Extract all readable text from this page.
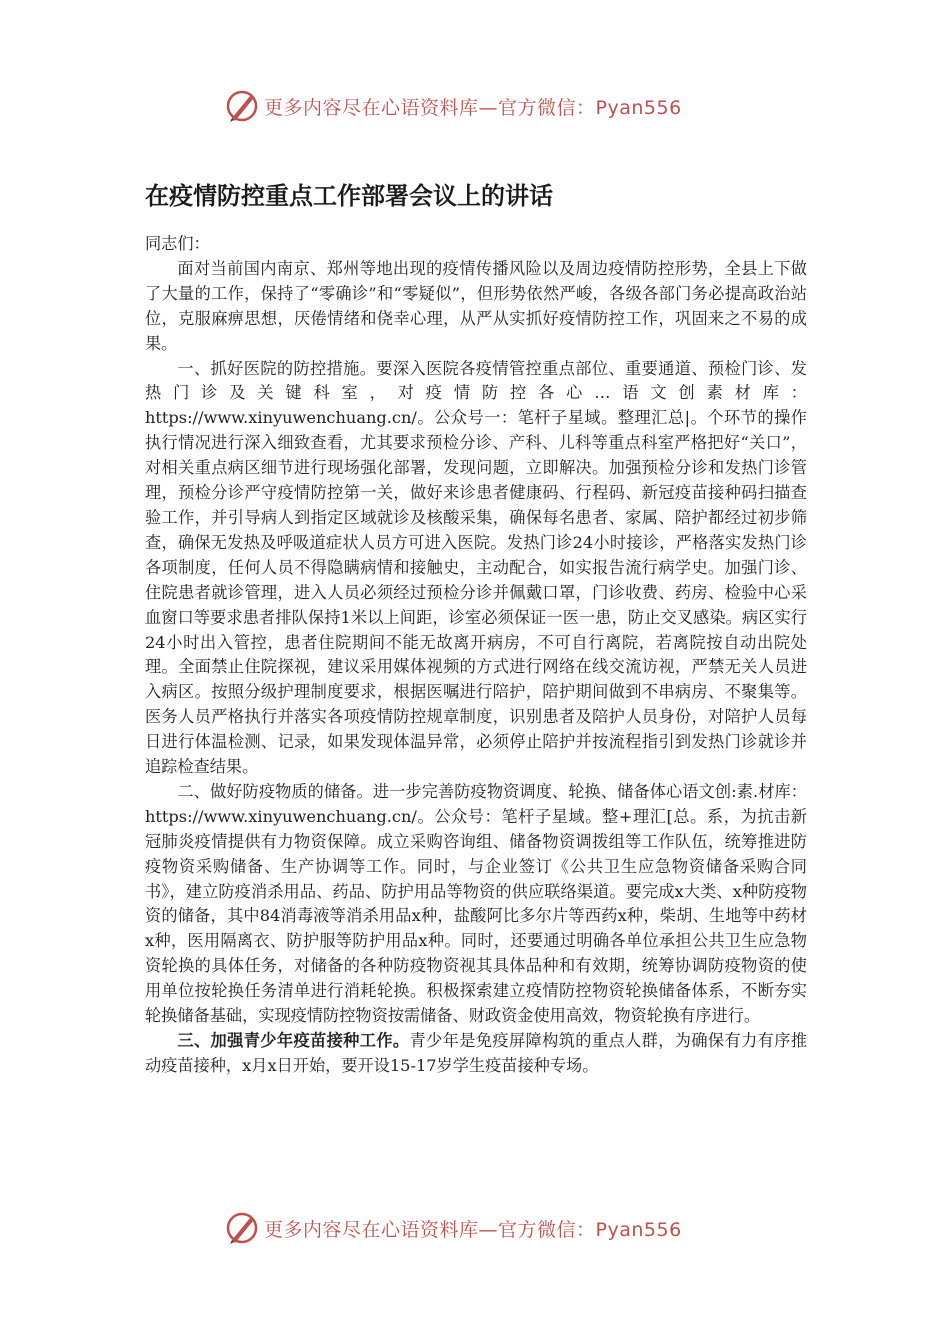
更多内容尽在心语资料库—官方微信：Pyan556
在疫情防控重点工作部署会议上的讲话

同志们：

面对当前国内南京、郑州等地出现的疫情传播风险以及周边疫情防控形势，全县上下做了大量的工作，保持了“零确诊”和“零疑似”，但形势依然严峻，各级各部门务必提高政治站位，克服麻痹思想，厌倦情绪和侥幸心理，从严从实抓好疫情防控工作，巩固来之不易的成果。

一、抓好医院的防控措施。要深入医院各疫情管控重点部位、重要通道、预检门诊、发热门诊及关键科室，对疫情防控各心…语文创素材库：https://www.xinyuwenchuang.cn/。公众号一：笔杆子星域。整理汇总|。个环节的操作执行情况进行深入细致查看，尤其要求预检分诊、产科、儿科等重点科室严格把好“关口”，对相关重点病区细节进行现场强化部署，发现问题，立即解决。加强预检分诊和发热门诊管理，预检分诊严守疫情防控第一关，做好来诊患者健康码、行程码、新冠疫苗接种码扫描查验工作，并引导病人到指定区域就诊及核酸采集，确保每名患者、家属、陪护都经过初步筛查，确保无发热及呼吸道症状人员方可进入医院。发热门诊24小时接诊，严格落实发热门诊各项制度，任何人员不得隐瞒病情和接触史，主动配合，如实报告流行病学史。加强门诊、住院患者就诊管理，进入人员必须经过预检分诊并佩戴口罩，门诊收费、药房、检验中心采血窗口等要求患者排队保持1米以上间距，诊室必须保证一医一患，防止交叉感染。病区实行24小时出入管控，患者住院期间不能无故离开病房，不可自行离院，若离院按自动出院处理。全面禁止住院探视，建议采用媒体视频的方式进行网络在线交流访视，严禁无关人员进入病区。按照分级护理制度要求，根据医嘱进行陪护，陪护期间做到不串病房、不聚集等。医务人员严格执行并落实各项疫情防控规章制度，识别患者及陪护人员身份，对陪护人员每日进行体温检测、记录，如果发现体温异常，必须停止陪护并按流程指引到发热门诊就诊并追踪检查结果。

二、做好防疫物质的储备。进一步完善防疫物资调度、轮换、储备体心语文创:素.材库：https://www.xinyuwenchuang.cn/。公众号：笔杆子星域。整+理汇[总。系，为抗击新冠肺炎疫情提供有力物资保障。成立采购咨询组、储备物资调拨组等工作队伍，统筹推进防疫物资采购储备、生产协调等工作。同时，与企业签订《公共卫生应急物资储备采购合同书》，建立防疫消杀用品、药品、防护用品等物资的供应联络渠道。要完成x大类、x种防疫物资的储备，其中84消毒液等消杀用品x种，盐酸阿比多尔片等西药x种，柴胡、生地等中药材x种，医用隔离衣、防护服等防护用品x种。同时，还要通过明确各单位承担公共卫生应急物资轮换的具体任务，对储备的各种防疫物资视其具体品种和有效期，统筹协调防疫物资的使用单位按轮换任务清单进行消耗轮换。积极探索建立疫情防控物资轮换储备体系，不断夯实轮换储备基础，实现疫情防控物资按需储备、财政资金使用高效，物资轮换有序进行。

三、加强青少年疫苗接种工作。青少年是免疫屏障构筑的重点人群，为确保有力有序推动疫苗接种，x月x日开始，要开设15-17岁学生疫苗接种专场。

更多内容尽在心语资料库—官方微信：Pyan556
